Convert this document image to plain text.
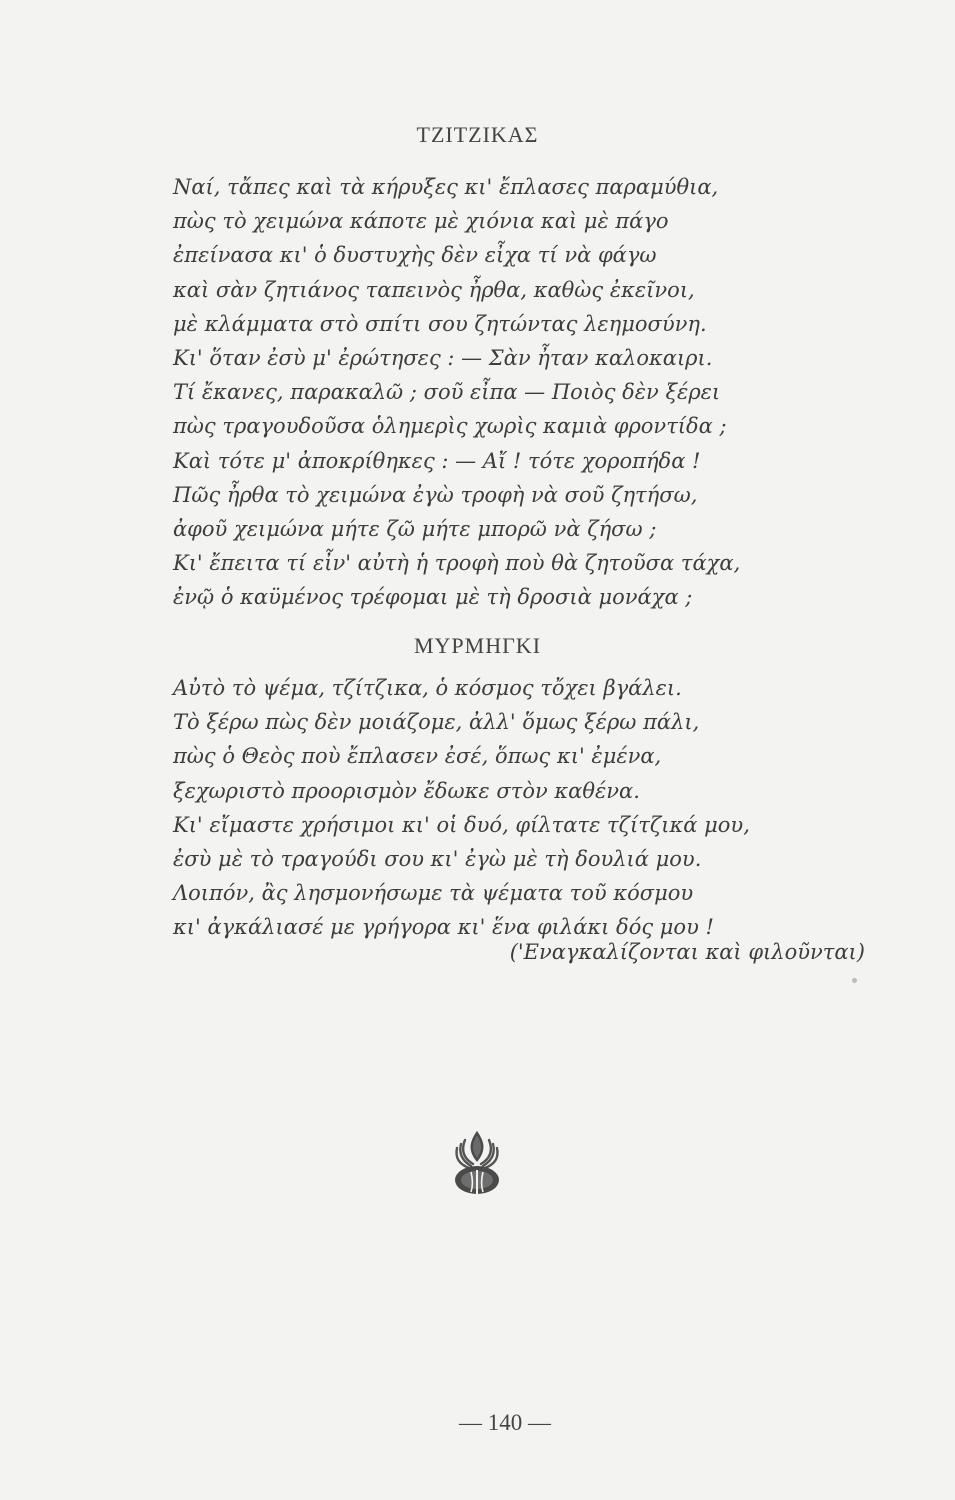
ΤΖΙΤΖΙΚΑΣ
Ναί, τἄπες καὶ τὰ κήρυξες κι' ἔπλασες παραμύθια,
πὼς τὸ χειμώνα κάποτε μὲ χιόνια καὶ μὲ πάγο
ἐπείνασα κι' ὁ δυστυχὴς δὲν εἶχα τί νὰ φάγω
καὶ σὰν ζητιάνος ταπεινὸς ἦρθα, καθὼς ἐκεῖνοι,
μὲ κλάμματα στὸ σπίτι σου ζητώντας λεημοσύνη.
Κι' ὅταν ἐσὺ μ' ἐρώτησες : — Σὰν ἦταν καλοκαιρι.
Τί ἔκανες, παρακαλῶ ; σοῦ εἶπα — Ποιὸς δὲν ξέρει
πὼς τραγουδοῦσα ὁλημερὶς χωρὶς καμιὰ φροντίδα ;
Καὶ τότε μ' ἀποκρίθηκες : — Αἴ ! τότε χοροπήδα !
Πῶς ἦρθα τὸ χειμώνα ἐγὼ τροφὴ νὰ σοῦ ζητήσω,
ἀφοῦ χειμώνα μήτε ζῶ μήτε μπορῶ νὰ ζήσω ;
Κι' ἔπειτα τί εἶν' αὐτὴ ἡ τροφὴ ποὺ θὰ ζητοῦσα τάχα,
ἐνῷ ὁ καϋμένος τρέφομαι μὲ τὴ δροσιὰ μονάχα ;
ΜΥΡΜΗΓΚΙ
Αὐτὸ τὸ ψέμα, τζίτζικα, ὁ κόσμος τὄχει βγάλει.
Τὸ ξέρω πὼς δὲν μοιάζομε, ἀλλ' ὅμως ξέρω πάλι,
πὼς ὁ Θεὸς ποὺ ἔπλασεν ἐσέ, ὅπως κι' ἐμένα,
ξεχωριστὸ προορισμὸν ἔδωκε στὸν καθένα.
Κι' εἴμαστε χρήσιμοι κι' οἱ δυό, φίλτατε τζίτζικά μου,
ἐσὺ μὲ τὸ τραγούδι σου κι' ἐγὼ μὲ τὴ δουλιά μου.
Λοιπόν, ἂς λησμονήσωμε τὰ ψέματα τοῦ κόσμου
κι' ἀγκάλιασέ με γρήγορα κι' ἕνα φιλάκι δός μου !
('Εναγκαλίζονται καὶ φιλοῦνται)
— 140 —
